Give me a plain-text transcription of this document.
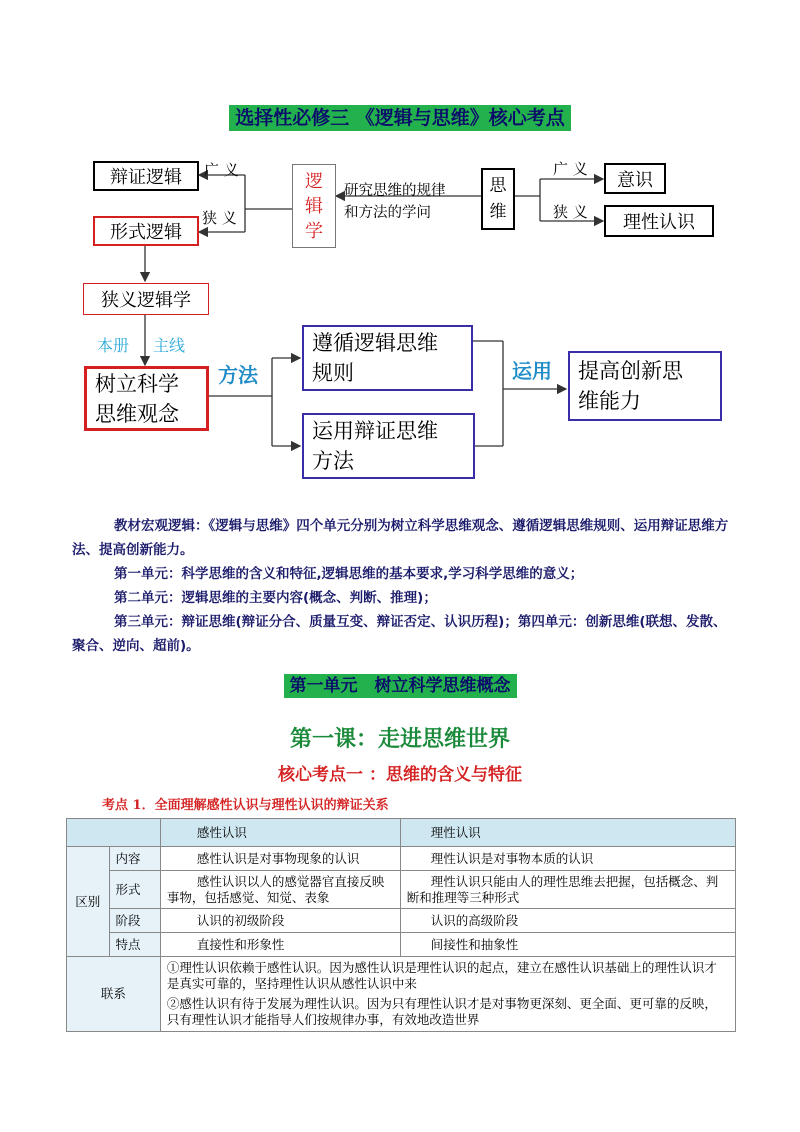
选择性必修三 《逻辑与思维》核心考点
逻
辑
学
研究思维的规律
和方法的学问
思
维
广 义
狭 义
广 义
狭 义
辩证逻辑
形式逻辑
意识
理性认识
狭义逻辑学
本册 主线
树立科学
思维观念
方法
遵循逻辑思维
规则
运用辩证思维
方法
运用 提高创新思
维能力
教材宏观逻辑：《逻辑与思维》四个单元分别为树立科学思维观念、遵循逻辑思维规则、运用辩证思维方法、提高创新能力。
第一单元：科学思维的含义和特征,逻辑思维的基本要求,学习科学思维的意义；
第二单元：逻辑思维的主要内容(概念、判断、推理)；
第三单元：辩证思维(辩证分合、质量互变、辩证否定、认识历程)；第四单元：创新思维(联想、发散、聚合、逆向、超前)。
第一单元　树立科学思维概念
第一课：走进思维世界
核心考点一 ：思维的含义与特征
考点 1．全面理解感性认识与理性认识的辩证关系
		感性认识	理性认识
区别	内容	感性认识是对事物现象的认识	理性认识是对事物本质的认识
	形式	感性认识以人的感觉器官直接反映事物，包括感觉、知觉、表象	理性认识只能由人的理性思维去把握，包括概念、判断和推理等三种形式
	阶段	认识的初级阶段	认识的高级阶段
	特点	直接性和形象性	间接性和抽象性
联系		①理性认识依赖于感性认识。因为感性认识是理性认识的起点，建立在感性认识基础上的理性认识才是真实可靠的，坚持理性认识从感性认识中来
②感性认识有待于发展为理性认识。因为只有理性认识才是对事物更深刻、更全面、更可靠的反映，只有理性认识才能指导人们按规律办事，有效地改造世界	
